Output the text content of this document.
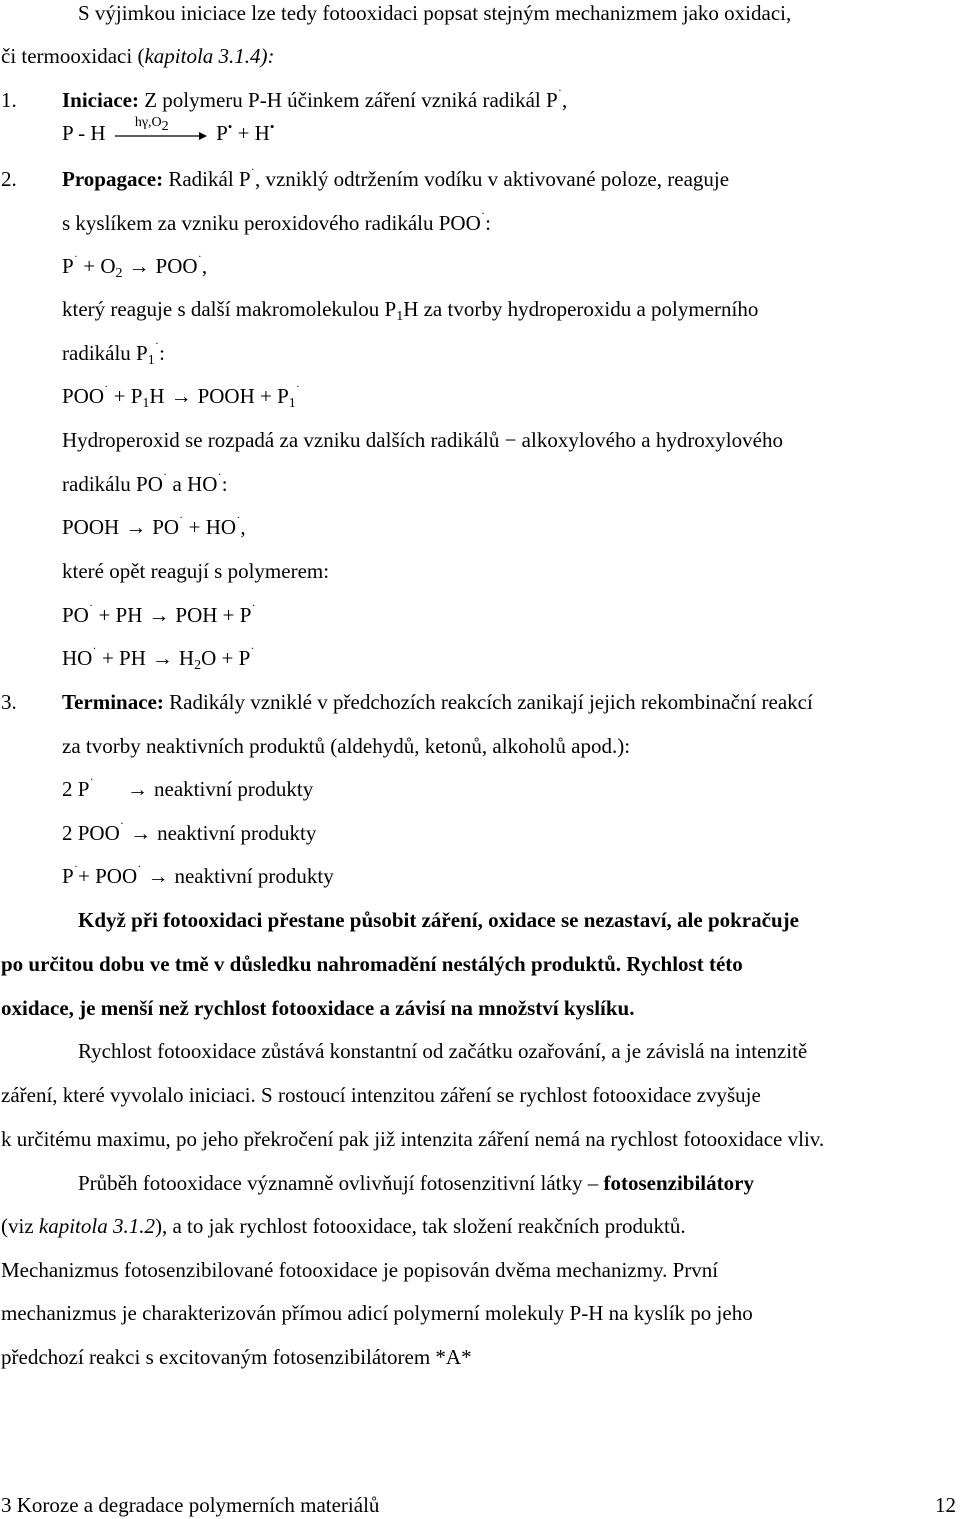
S výjimkou iniciace lze tedy fotooxidaci popsat stejným mechanizmem jako oxidaci,
či termooxidaci (kapitola 3.1.4):
1. Iniciace: Z polymeru P-H účinkem záření vzniká radikál P˙,
P - H $h\gamma,O_2$ P• + H•
2. Propagace: Radikál P˙, vzniklý odtržením vodíku v aktivované poloze, reaguje
s kyslíkem za vzniku peroxidového radikálu POO˙:
$P^˙ + O_2 \to POO^˙$,
který reaguje s další makromolekulou $P_1H$ za tvorby hydroperoxidu a polymerního
radikálu $P_1^˙$:
$POO^˙ + P_1H$ → POOH + $P_1^˙$
Hydroperoxid se rozpadá za vzniku dalších radikálů − alkoxylového a hydroxylového
radikálu PO˙ a HO˙:
POOH → PO˙ + HO˙,
které opět reagují s polymerem:
PO˙ + PH → POH + P˙
HO˙ + PH → $H_2O + P^˙$
3. Terminace: Radikály vzniklé v předchozích reakcích zanikají jejich rekombinační reakcí
za tvorby neaktivních produktů (aldehydů, ketonů, alkoholů apod.):
2 P˙ → neaktivní produkty
2 POO˙ → neaktivní produkty
P˙+ POO˙ → neaktivní produkty
Když při fotooxidaci přestane působit záření, oxidace se nezastaví, ale pokračuje
po určitou dobu ve tmě v důsledku nahromadění nestálých produktů. Rychlost této
oxidace, je menší než rychlost fotooxidace a závisí na množství kyslíku.
Rychlost fotooxidace zůstává konstantní od začátku ozařování, a je závislá na intenzitě
záření, které vyvolalo iniciaci. S rostoucí intenzitou záření se rychlost fotooxidace zvyšuje
k určitému maximu, po jeho překročení pak již intenzita záření nemá na rychlost fotooxidace vliv.
Průběh fotooxidace významně ovlivňují fotosenzitivní látky – fotosenzibilátory
(viz kapitola 3.1.2), a to jak rychlost fotooxidace, tak složení reakčních produktů.
Mechanizmus fotosenzibilované fotooxidace je popisován dvěma mechanizmy. První
mechanizmus je charakterizován přímou adicí polymerní molekuly P-H na kyslík po jeho
předchozí reakci s excitovaným fotosenzibilátorem *A*
3 Koroze a degradace polymerních materiálů	12
